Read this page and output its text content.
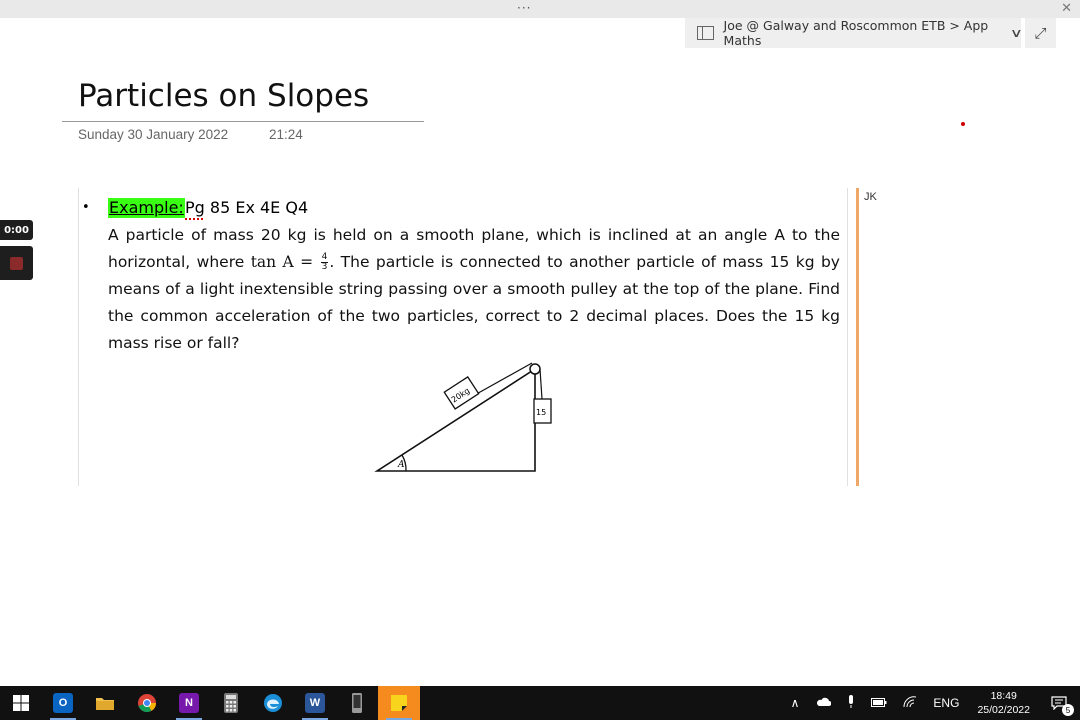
···	✕
Joe @ Galway and Roscommon ETB > App Maths	∨ ⤢
Particles on Slopes
Sunday 30 January 2022	21:24
0:00
• Example: Pg 85 Ex 4E Q4
A particle of mass 20 kg is held on a smooth plane, which is inclined at an angle A to the horizontal, where $\tan A = \frac{4}{3}$ . The particle is connected to another particle of mass 15 kg by means of a light inextensible string passing over a smooth pulley at the top of the plane. Find the common acceleration of the two particles, correct to 2 decimal places. Does the 15 kg mass rise or fall?
A
20kg
15
JK
O	N	W	∧	ENG	18:49
25/02/2022	5
